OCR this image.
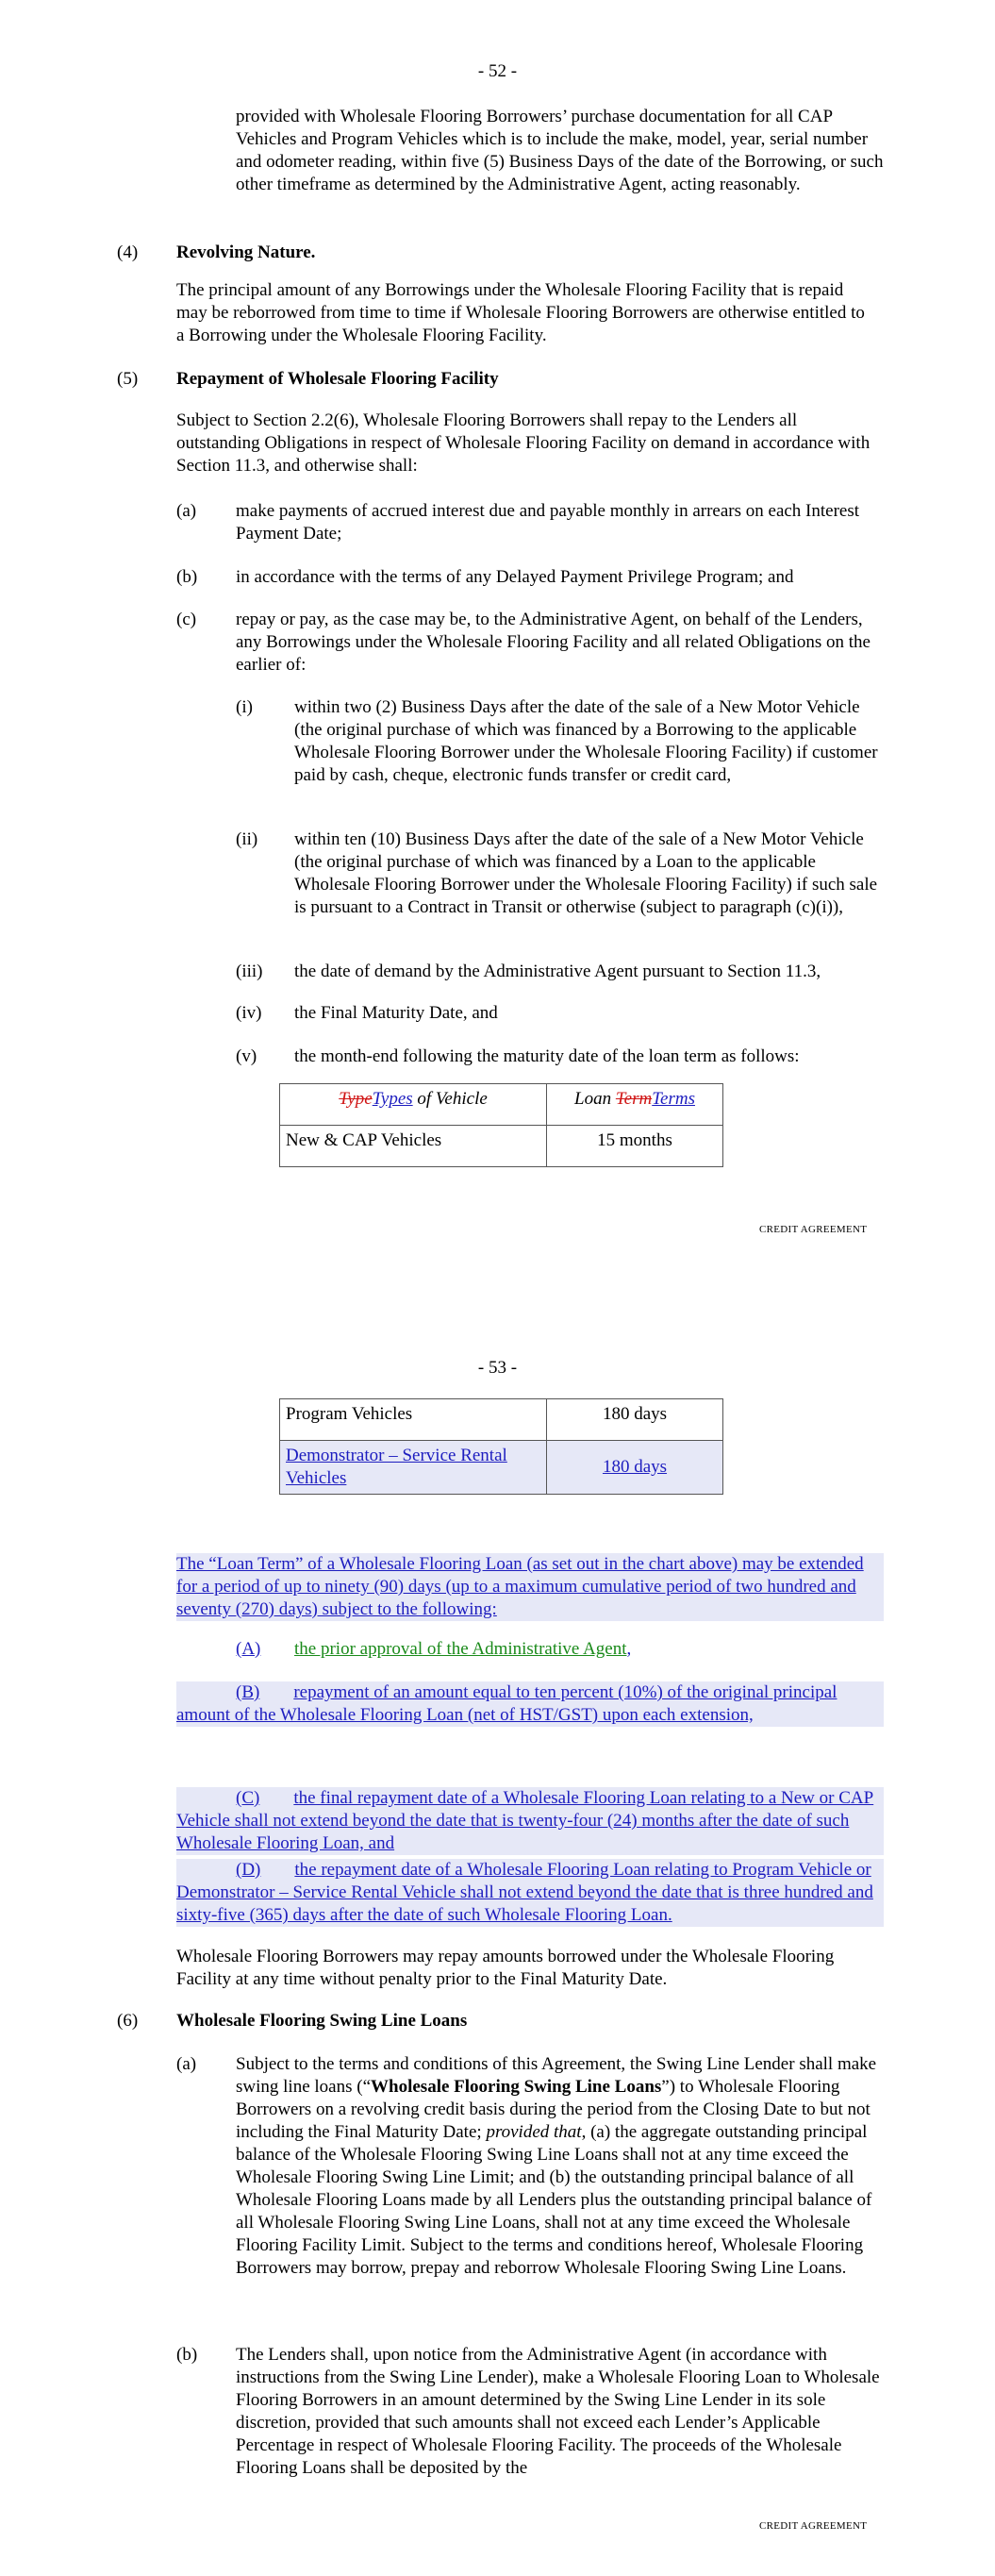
- 52 -
provided with Wholesale Flooring Borrowers’ purchase documentation for all CAP Vehicles and Program Vehicles which is to include the make, model, year, serial number and odometer reading, within five (5) Business Days of the date of the Borrowing, or such other timeframe as determined by the Administrative Agent, acting reasonably.
(4) Revolving Nature.
The principal amount of any Borrowings under the Wholesale Flooring Facility that is repaid may be reborrowed from time to time if Wholesale Flooring Borrowers are otherwise entitled to a Borrowing under the Wholesale Flooring Facility.
(5) Repayment of Wholesale Flooring Facility
Subject to Section 2.2(6), Wholesale Flooring Borrowers shall repay to the Lenders all outstanding Obligations in respect of Wholesale Flooring Facility on demand in accordance with Section 11.3, and otherwise shall:
(a) make payments of accrued interest due and payable monthly in arrears on each Interest Payment Date;
(b) in accordance with the terms of any Delayed Payment Privilege Program; and
(c) repay or pay, as the case may be, to the Administrative Agent, on behalf of the Lenders, any Borrowings under the Wholesale Flooring Facility and all related Obligations on the earlier of:
(i) within two (2) Business Days after the date of the sale of a New Motor Vehicle (the original purchase of which was financed by a Borrowing to the applicable Wholesale Flooring Borrower under the Wholesale Flooring Facility) if customer paid by cash, cheque, electronic funds transfer or credit card,
(ii) within ten (10) Business Days after the date of the sale of a New Motor Vehicle (the original purchase of which was financed by a Loan to the applicable Wholesale Flooring Borrower under the Wholesale Flooring Facility) if such sale is pursuant to a Contract in Transit or otherwise (subject to paragraph (c)(i)),
(iii) the date of demand by the Administrative Agent pursuant to Section 11.3,
(iv) the Final Maturity Date, and
(v) the month-end following the maturity date of the loan term as follows:
TypeTypes of Vehicle	Loan TermTerms
New & CAP Vehicles	15 months
CREDIT AGREEMENT
- 53 -
Program Vehicles	180 days
Demonstrator – Service Rental Vehicles	180 days
The “Loan Term” of a Wholesale Flooring Loan (as set out in the chart above) may be extended for a period of up to ninety (90) days (up to a maximum cumulative period of two hundred and seventy (270) days) subject to the following:
(A) the prior approval of the Administrative Agent,
(B) repayment of an amount equal to ten percent (10%) of the original principal amount of the Wholesale Flooring Loan (net of HST/GST) upon each extension,
(C) the final repayment date of a Wholesale Flooring Loan relating to a New or CAP Vehicle shall not extend beyond the date that is twenty-four (24) months after the date of such Wholesale Flooring Loan, and
(D) the repayment date of a Wholesale Flooring Loan relating to Program Vehicle or Demonstrator – Service Rental Vehicle shall not extend beyond the date that is three hundred and sixty-five (365) days after the date of such Wholesale Flooring Loan.
Wholesale Flooring Borrowers may repay amounts borrowed under the Wholesale Flooring Facility at any time without penalty prior to the Final Maturity Date.
(6) Wholesale Flooring Swing Line Loans
(a) Subject to the terms and conditions of this Agreement, the Swing Line Lender shall make swing line loans (“Wholesale Flooring Swing Line Loans”) to Wholesale Flooring Borrowers on a revolving credit basis during the period from the Closing Date to but not including the Final Maturity Date; provided that, (a) the aggregate outstanding principal balance of the Wholesale Flooring Swing Line Loans shall not at any time exceed the Wholesale Flooring Swing Line Limit; and (b) the outstanding principal balance of all Wholesale Flooring Loans made by all Lenders plus the outstanding principal balance of all Wholesale Flooring Swing Line Loans, shall not at any time exceed the Wholesale Flooring Facility Limit. Subject to the terms and conditions hereof, Wholesale Flooring Borrowers may borrow, prepay and reborrow Wholesale Flooring Swing Line Loans.
(b) The Lenders shall, upon notice from the Administrative Agent (in accordance with instructions from the Swing Line Lender), make a Wholesale Flooring Loan to Wholesale Flooring Borrowers in an amount determined by the Swing Line Lender in its sole discretion, provided that such amounts shall not exceed each Lender’s Applicable Percentage in respect of Wholesale Flooring Facility. The proceeds of the Wholesale Flooring Loans shall be deposited by the
CREDIT AGREEMENT
